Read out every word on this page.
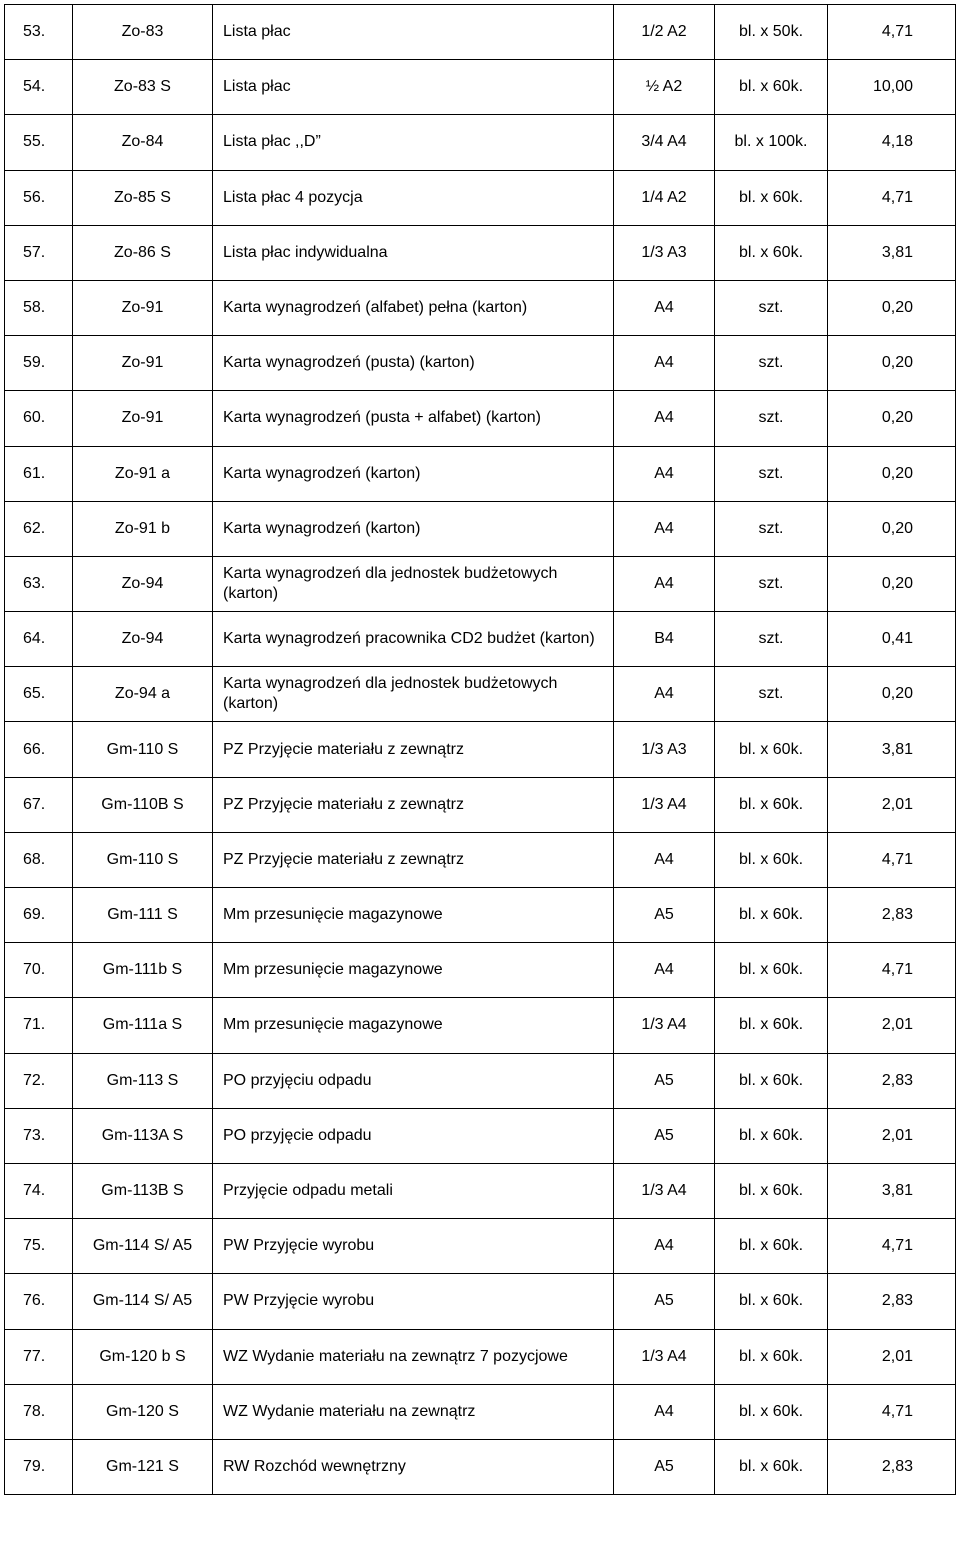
53.	Zo-83	Lista płac	1/2 A2	bl. x 50k.	4,71
54.	Zo-83 S	Lista płac	½ A2	bl. x 60k.	10,00
55.	Zo-84	Lista płac ,,D”	3/4 A4	bl. x 100k.	4,18
56.	Zo-85 S	Lista płac 4 pozycja	1/4 A2	bl. x 60k.	4,71
57.	Zo-86 S	Lista płac indywidualna	1/3 A3	bl. x 60k.	3,81
58.	Zo-91	Karta wynagrodzeń (alfabet) pełna (karton)	A4	szt.	0,20
59.	Zo-91	Karta wynagrodzeń (pusta) (karton)	A4	szt.	0,20
60.	Zo-91	Karta wynagrodzeń (pusta + alfabet) (karton)	A4	szt.	0,20
61.	Zo-91 a	Karta wynagrodzeń (karton)	A4	szt.	0,20
62.	Zo-91 b	Karta wynagrodzeń (karton)	A4	szt.	0,20
63.	Zo-94	Karta wynagrodzeń dla jednostek budżetowych (karton)	A4	szt.	0,20
64.	Zo-94	Karta wynagrodzeń pracownika CD2 budżet (karton)	B4	szt.	0,41
65.	Zo-94 a	Karta wynagrodzeń dla jednostek budżetowych (karton)	A4	szt.	0,20
66.	Gm-110 S	PZ Przyjęcie materiału z zewnątrz	1/3 A3	bl. x 60k.	3,81
67.	Gm-110B S	PZ Przyjęcie materiału z zewnątrz	1/3 A4	bl. x 60k.	2,01
68.	Gm-110 S	PZ Przyjęcie materiału z zewnątrz	A4	bl. x 60k.	4,71
69.	Gm-111 S	Mm przesunięcie magazynowe	A5	bl. x 60k.	2,83
70.	Gm-111b S	Mm przesunięcie magazynowe	A4	bl. x 60k.	4,71
71.	Gm-111a S	Mm przesunięcie magazynowe	1/3 A4	bl. x 60k.	2,01
72.	Gm-113 S	PO przyjęciu odpadu	A5	bl. x 60k.	2,83
73.	Gm-113A S	PO przyjęcie odpadu	A5	bl. x 60k.	2,01
74.	Gm-113B S	Przyjęcie odpadu metali	1/3 A4	bl. x 60k.	3,81
75.	Gm-114 S/ A5	PW Przyjęcie wyrobu	A4	bl. x 60k.	4,71
76.	Gm-114 S/ A5	PW Przyjęcie wyrobu	A5	bl. x 60k.	2,83
77.	Gm-120 b S	WZ Wydanie materiału na zewnątrz 7 pozycjowe	1/3 A4	bl. x 60k.	2,01
78.	Gm-120 S	WZ Wydanie materiału na zewnątrz	A4	bl. x 60k.	4,71
79.	Gm-121 S	RW Rozchód wewnętrzny	A5	bl. x 60k.	2,83
